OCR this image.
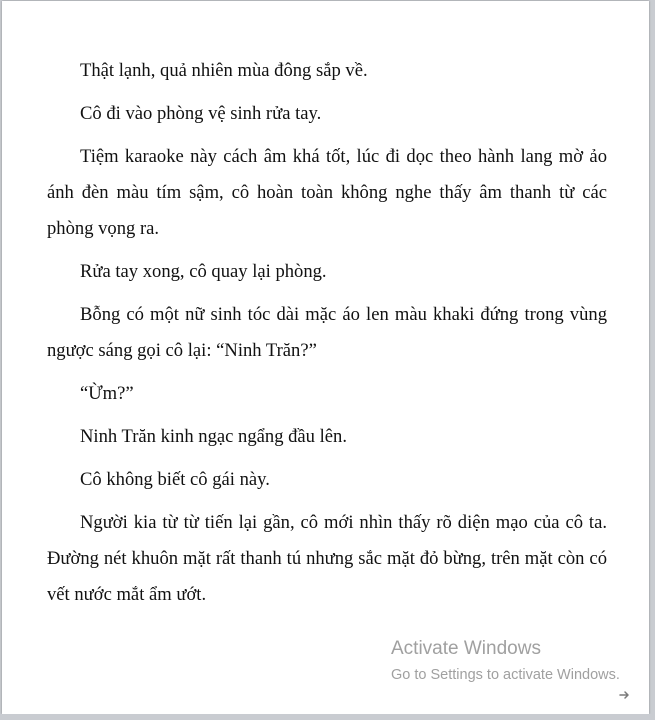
Thật lạnh, quả nhiên mùa đông sắp về.

Cô đi vào phòng vệ sinh rửa tay.

Tiệm karaoke này cách âm khá tốt, lúc đi dọc theo hành lang mờ ảo ánh đèn màu tím sậm, cô hoàn toàn không nghe thấy âm thanh từ các phòng vọng ra.

Rửa tay xong, cô quay lại phòng.

Bỗng có một nữ sinh tóc dài mặc áo len màu khaki đứng trong vùng ngược sáng gọi cô lại: “Ninh Trăn?”

“Ừm?”

Ninh Trăn kinh ngạc ngẩng đầu lên.

Cô không biết cô gái này.

Người kia từ từ tiến lại gần, cô mới nhìn thấy rõ diện mạo của cô ta. Đường nét khuôn mặt rất thanh tú nhưng sắc mặt đỏ bừng, trên mặt còn có vết nước mắt ẩm ướt.

Activate Windows
Go to Settings to activate Windows.
